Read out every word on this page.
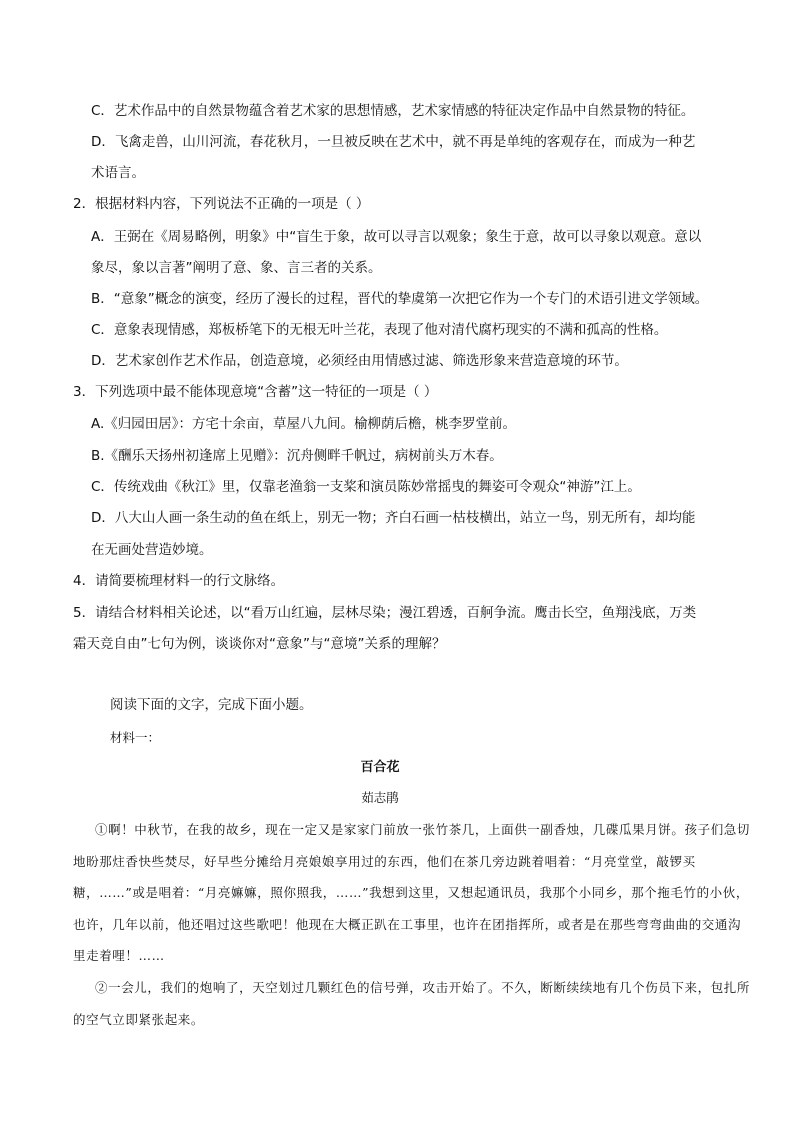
C．艺术作品中的自然景物蕴含着艺术家的思想情感，艺术家情感的特征决定作品中自然景物的特征。

D．飞禽走兽，山川河流，春花秋月，一旦被反映在艺术中，就不再是单纯的客观存在，而成为一种艺

术语言。

2．根据材料内容，下列说法不正确的一项是（ ）

A．王弼在《周易略例，明象》中“盲生于象，故可以寻言以观象；象生于意，故可以寻象以观意。意以

象尽，象以言著”阐明了意、象、言三者的关系。

B．“意象”概念的演变，经历了漫长的过程，晋代的挚虞第一次把它作为一个专门的术语引进文学领域。

C．意象表现情感，郑板桥笔下的无根无叶兰花，表现了他对清代腐朽现实的不满和孤高的性格。

D．艺术家创作艺术作品，创造意境，必须经由用情感过滤、筛选形象来营造意境的环节。

3．下列选项中最不能体现意境“含蓄”这一特征的一项是（ ）

A.《归园田居》：方宅十余亩，草屋八九间。榆柳荫后檐，桃李罗堂前。

B.《酬乐天扬州初逢席上见赠》：沉舟侧畔千帆过，病树前头万木春。

C．传统戏曲《秋江》里，仅靠老渔翁一支桨和演员陈妙常摇曳的舞姿可令观众“神游”江上。

D．八大山人画一条生动的鱼在纸上，别无一物；齐白石画一枯枝横出，站立一鸟，别无所有，却均能

在无画处营造妙境。

4．请简要梳理材料一的行文脉络。

5．请结合材料相关论述，以“看万山红遍，层林尽染；漫江碧透，百舸争流。鹰击长空，鱼翔浅底，万类

霜天竞自由”七句为例，谈谈你对“意象”与“意境”关系的理解？

阅读下面的文字，完成下面小题。

材料一：

百合花

茹志鹃

①啊！中秋节，在我的故乡，现在一定又是家家门前放一张竹茶几，上面供一副香烛，几碟瓜果月饼。孩子们急切地盼那炷香快些焚尽，好早些分摊给月亮娘娘享用过的东西，他们在茶几旁边跳着唱着：“月亮堂堂，敲锣买糖，……”或是唱着：“月亮嫲嫲，照你照我，……”我想到这里，又想起通讯员，我那个小同乡，那个拖毛竹的小伙，也许，几年以前，他还唱过这些歌吧！他现在大概正趴在工事里，也许在团指挥所，或者是在那些弯弯曲曲的交通沟里走着哩！……

②一会儿，我们的炮响了，天空划过几颗红色的信号弹，攻击开始了。不久，断断续续地有几个伤员下来，包扎所的空气立即紧张起来。
